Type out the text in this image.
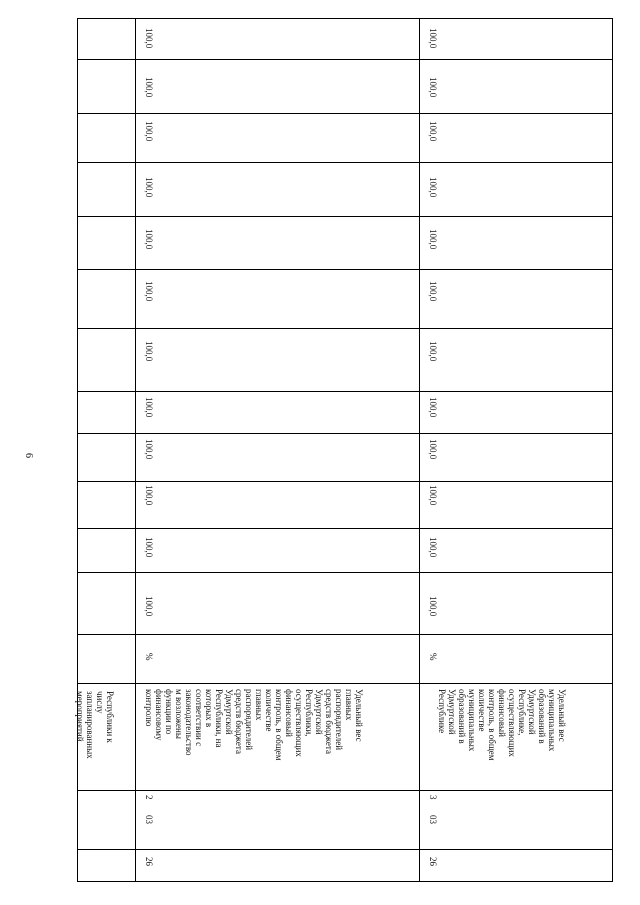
6
Республики к
числу
запланированных
мероприятий
26
03
2
Удельный вес
главных
распорядителей
средств бюджета
Удмуртской
Республики,
осуществляющих
финансовый
контроль, в общем
количестве
главных
распорядителей
средств бюджета
Удмуртской
Республики, на
которых в
соответствии с
законодательство
м возложены
функции по
финансовому
контролю
%
100,0
100,0
100,0
100,0
100,0
100,0
100,0
100,0
100,0
100,0
100,0
100,0
26
03
3
Удельный вес
муниципальных
образований в
Удмуртской
Республике,
осуществляющих
финансовый
контроль, в общем
количестве
муниципальных
образований в
Удмуртской
Республике
%
100,0
100,0
100,0
100,0
100,0
100,0
100,0
100,0
100,0
100,0
100,0
100,0
